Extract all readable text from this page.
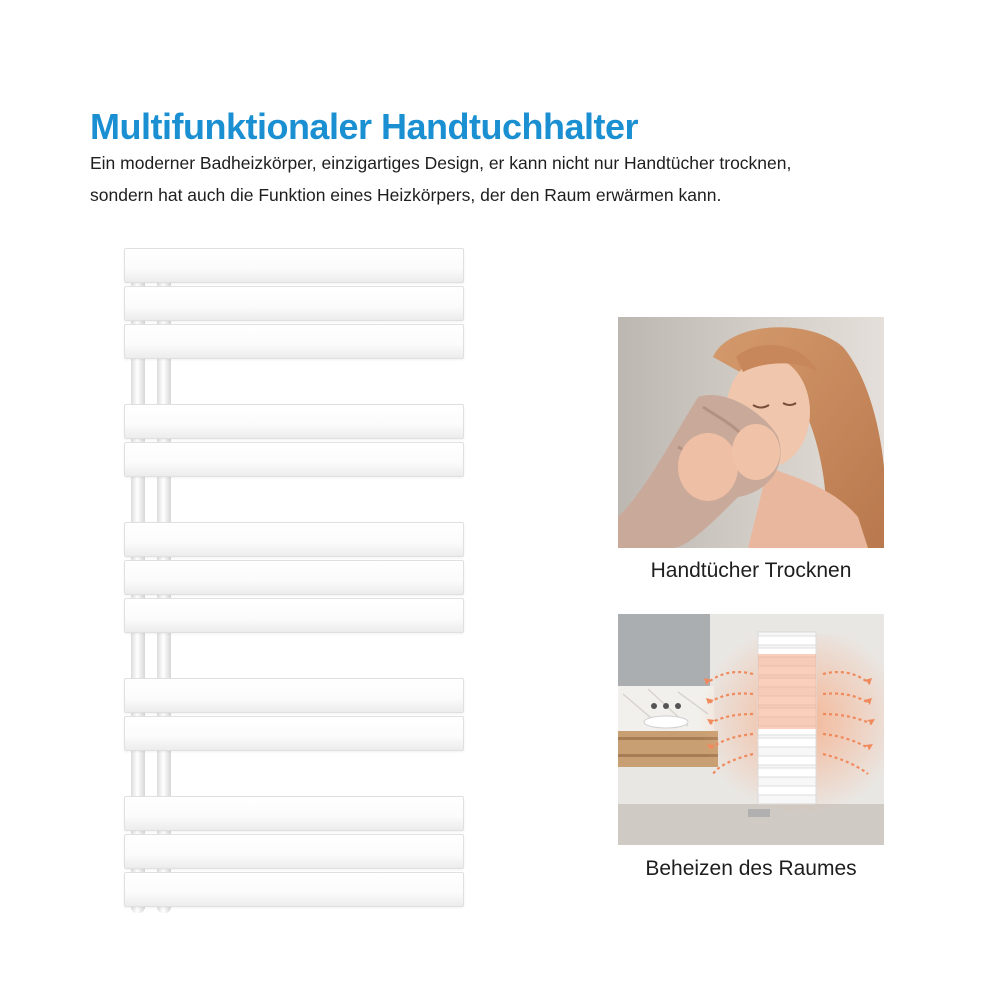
Multifunktionaler Handtuchhalter

Ein moderner Badheizkörper, einzigartiges Design, er kann nicht nur Handtücher trocknen,

sondern hat auch die Funktion eines Heizkörpers, der den Raum erwärmen kann.

Handtücher Trocknen
Beheizen des Raumes
